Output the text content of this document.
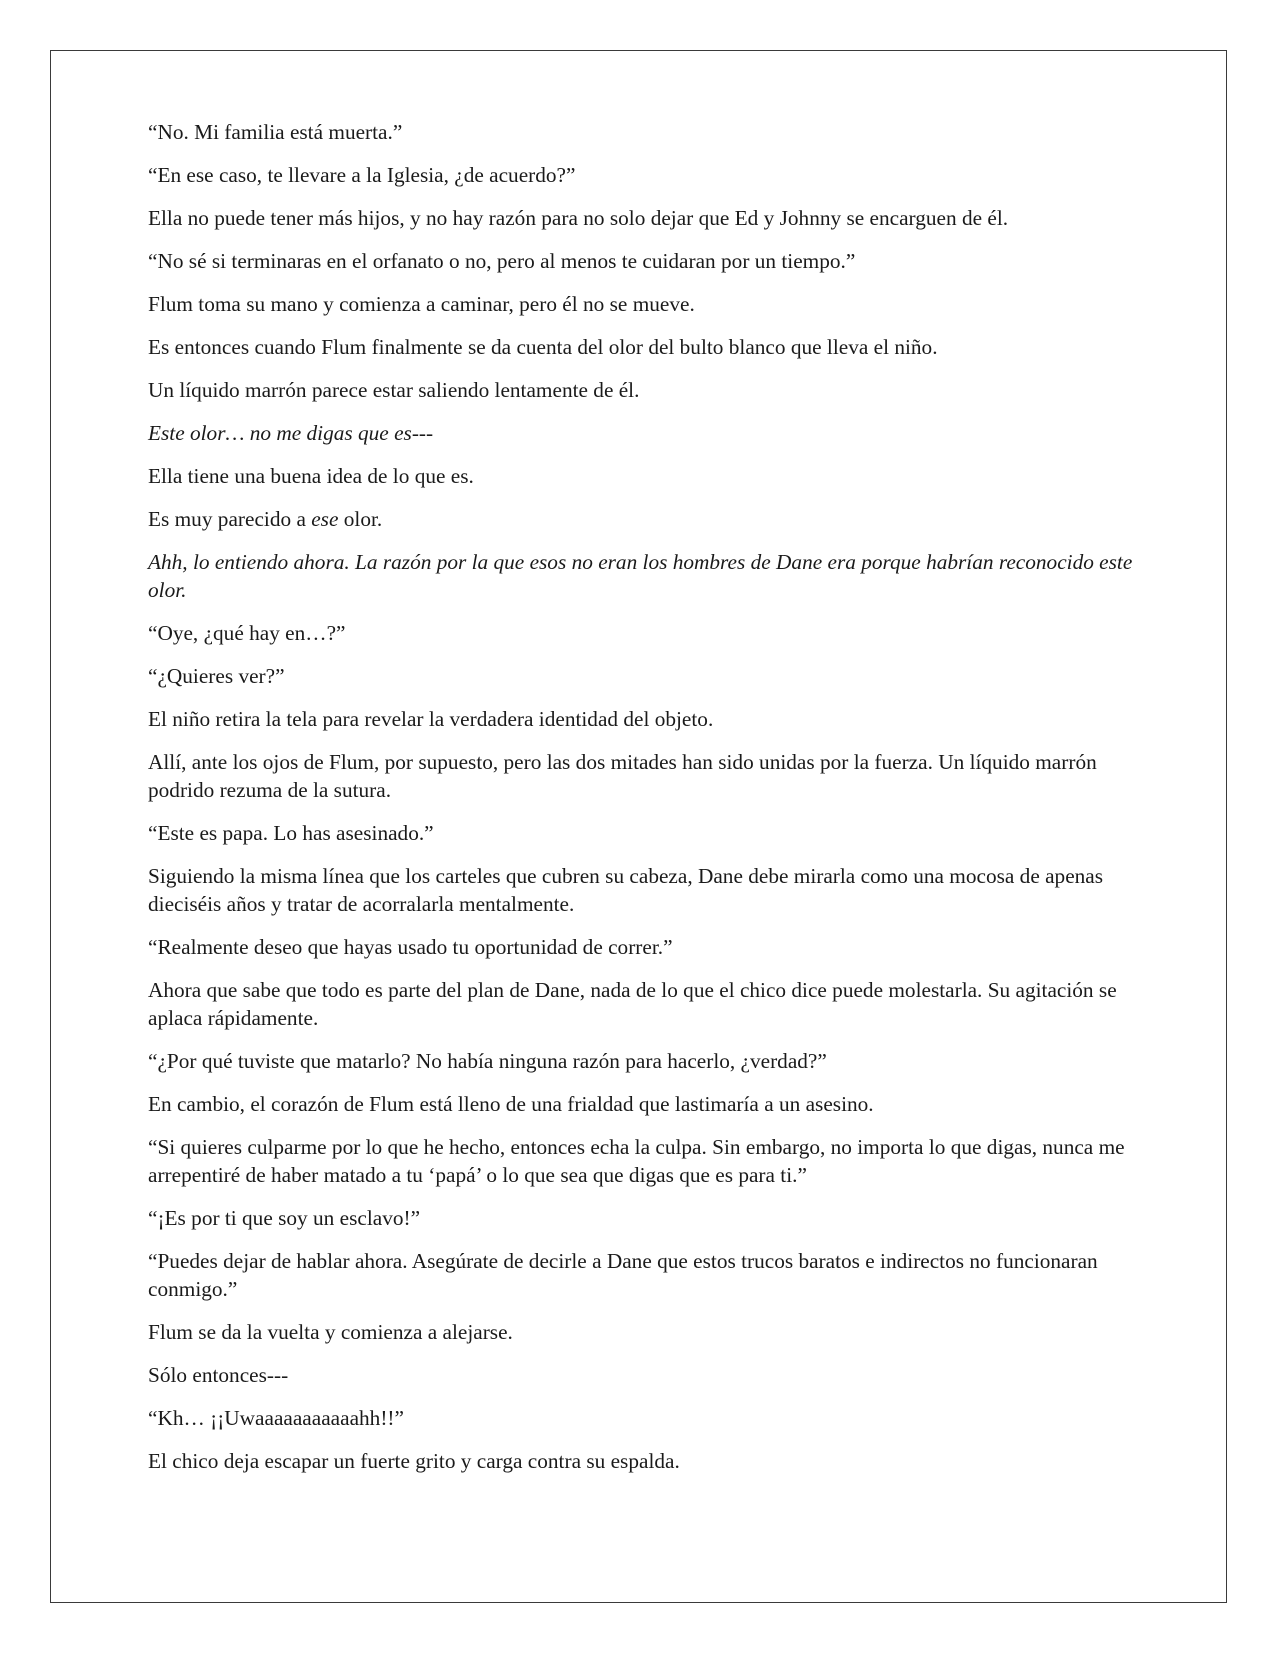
“No. Mi familia está muerta.”

“En ese caso, te llevare a la Iglesia, ¿de acuerdo?”

Ella no puede tener más hijos, y no hay razón para no solo dejar que Ed y Johnny se encarguen de él.

“No sé si terminaras en el orfanato o no, pero al menos te cuidaran por un tiempo.”

Flum toma su mano y comienza a caminar, pero él no se mueve.

Es entonces cuando Flum finalmente se da cuenta del olor del bulto blanco que lleva el niño.

Un líquido marrón parece estar saliendo lentamente de él.

Este olor… no me digas que es---

Ella tiene una buena idea de lo que es.

Es muy parecido a ese olor.

Ahh, lo entiendo ahora. La razón por la que esos no eran los hombres de Dane era porque habrían reconocido este olor.

“Oye, ¿qué hay en…?”

“¿Quieres ver?”

El niño retira la tela para revelar la verdadera identidad del objeto.

Allí, ante los ojos de Flum, por supuesto, pero las dos mitades han sido unidas por la fuerza. Un líquido marrón podrido rezuma de la sutura.

“Este es papa. Lo has asesinado.”

Siguiendo la misma línea que los carteles que cubren su cabeza, Dane debe mirarla como una mocosa de apenas dieciséis años y tratar de acorralarla mentalmente.

“Realmente deseo que hayas usado tu oportunidad de correr.”

Ahora que sabe que todo es parte del plan de Dane, nada de lo que el chico dice puede molestarla. Su agitación se aplaca rápidamente.

“¿Por qué tuviste que matarlo? No había ninguna razón para hacerlo, ¿verdad?”

En cambio, el corazón de Flum está lleno de una frialdad que lastimaría a un asesino.

“Si quieres culparme por lo que he hecho, entonces echa la culpa. Sin embargo, no importa lo que digas, nunca me arrepentiré de haber matado a tu ‘papá’ o lo que sea que digas que es para ti.”

“¡Es por ti que soy un esclavo!”

“Puedes dejar de hablar ahora. Asegúrate de decirle a Dane que estos trucos baratos e indirectos no funcionaran conmigo.”

Flum se da la vuelta y comienza a alejarse.

Sólo entonces---

“Kh… ¡¡Uwaaaaaaaaaaahh!!”

El chico deja escapar un fuerte grito y carga contra su espalda.
